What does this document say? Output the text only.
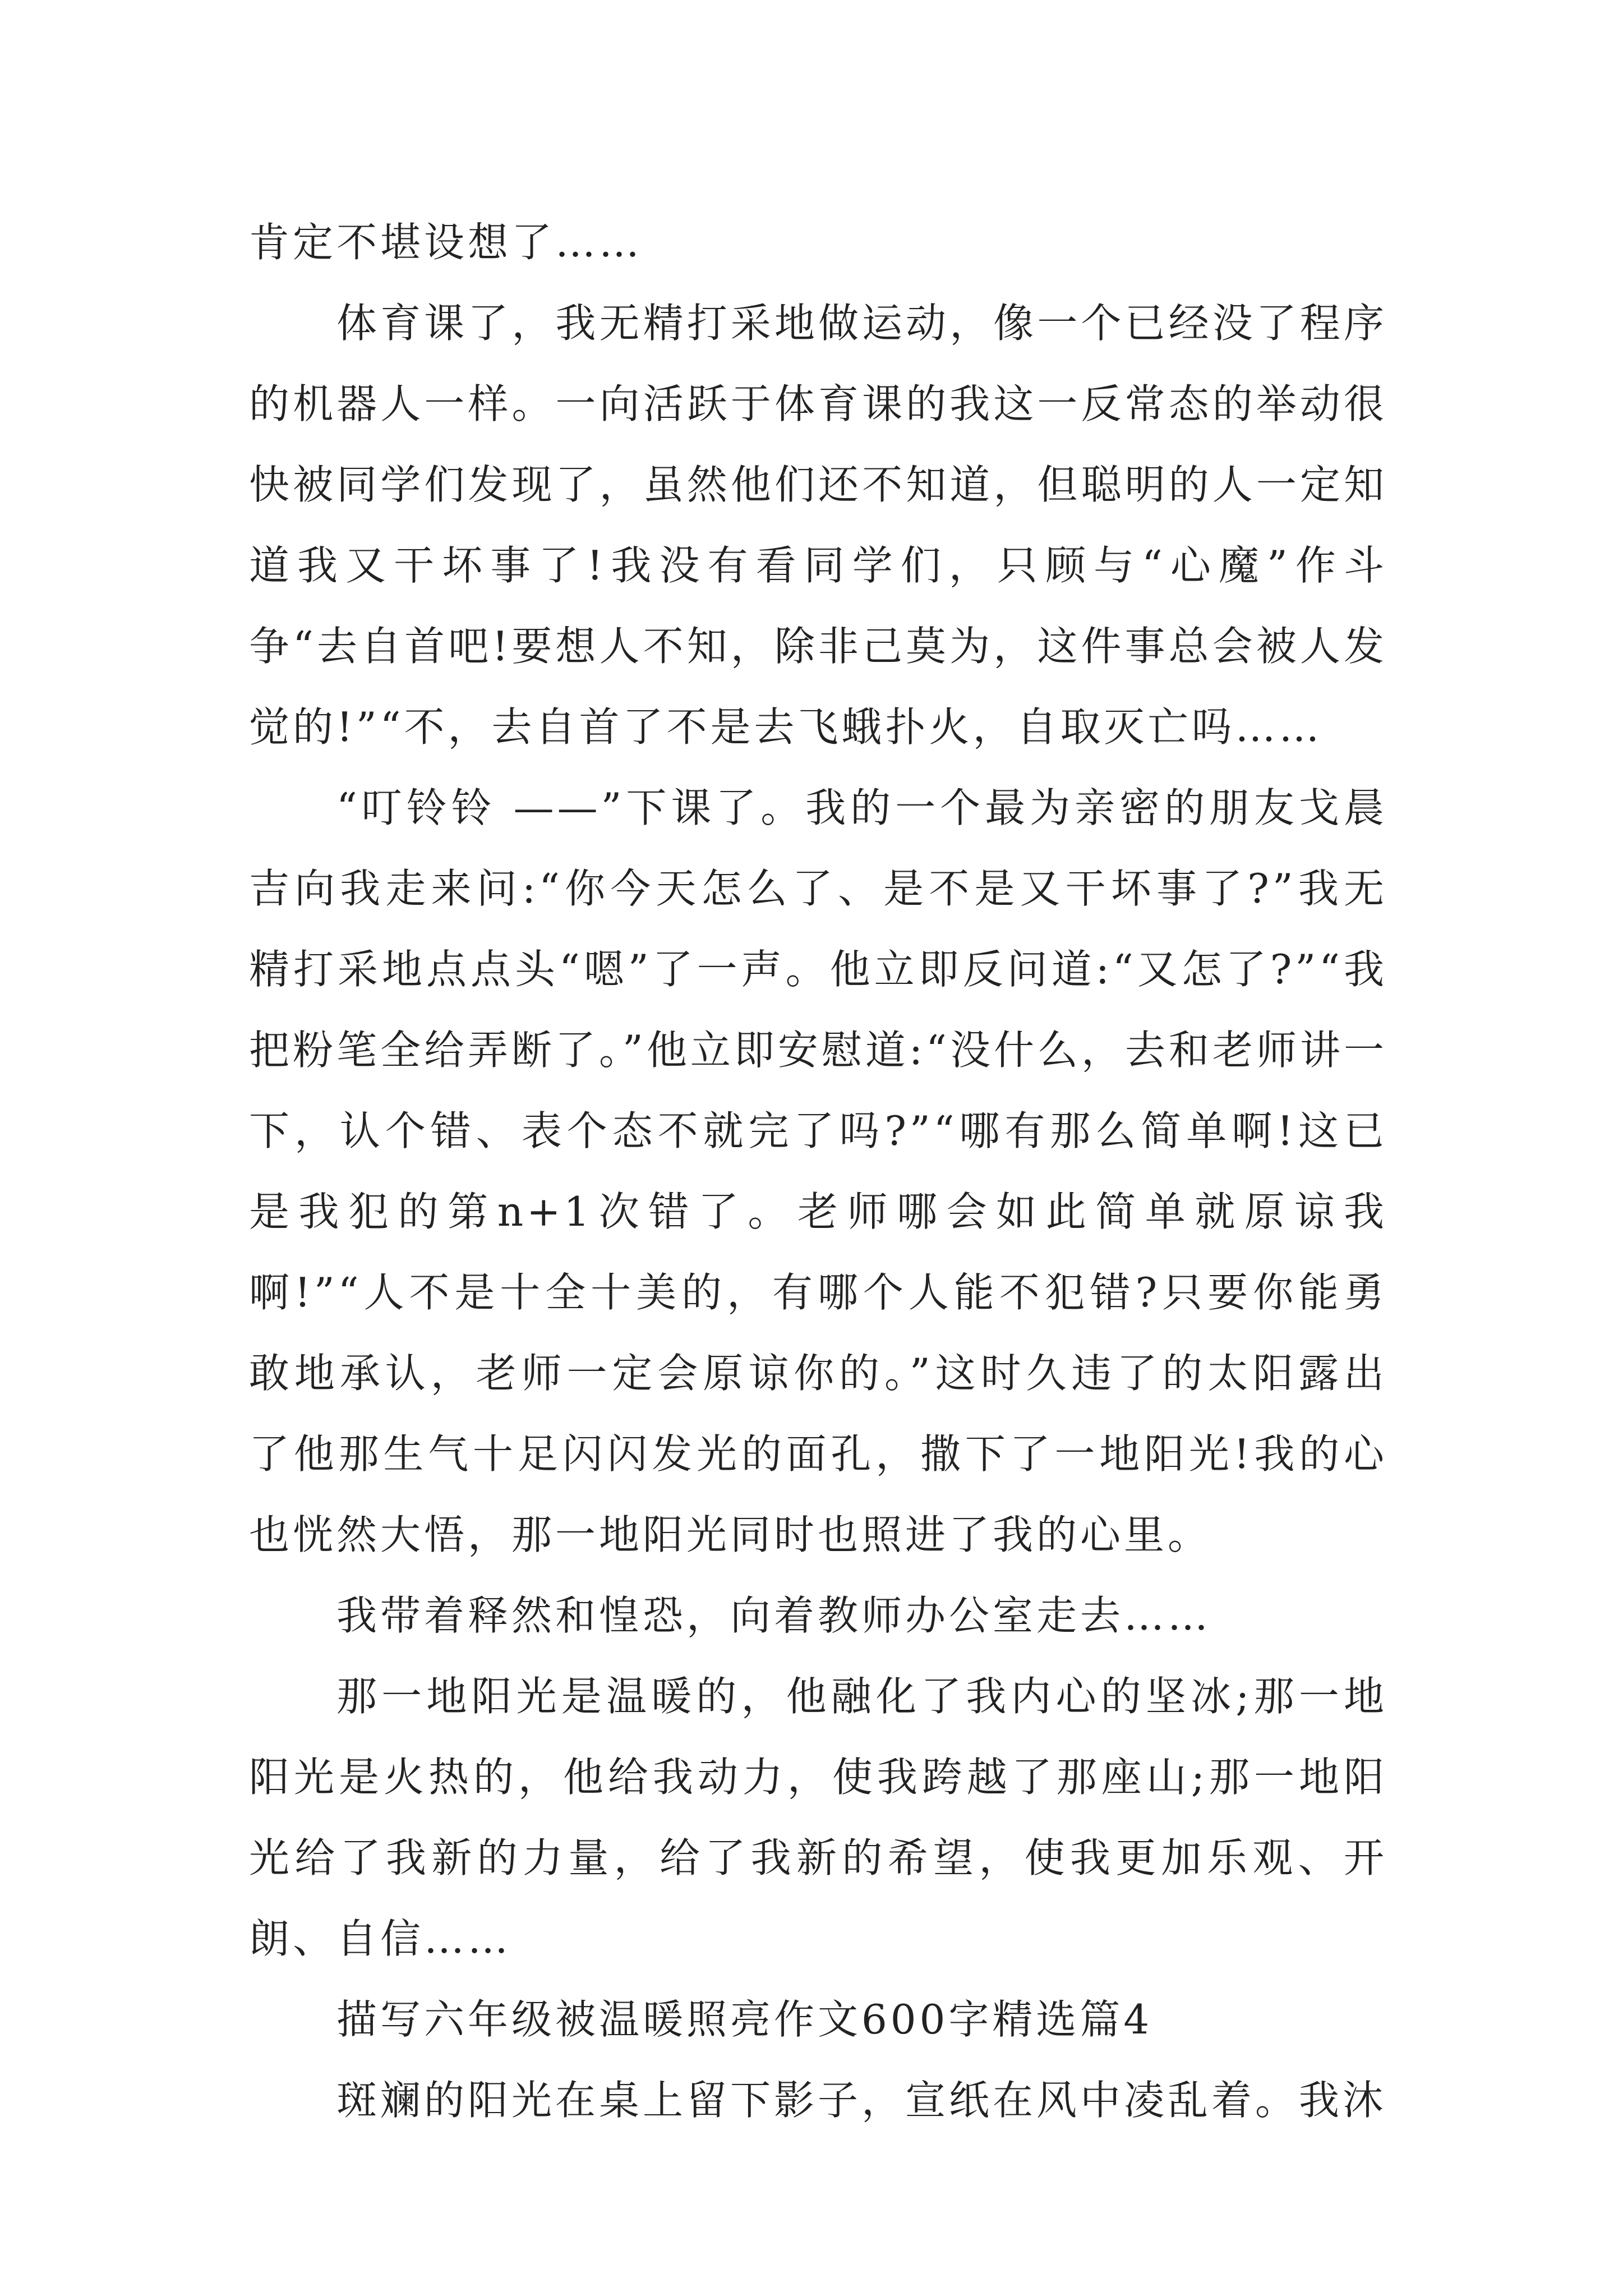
肯定不堪设想了……

体育课了，我无精打采地做运动，像一个已经没了程序的机器人一样。一向活跃于体育课的我这一反常态的举动很快被同学们发现了，虽然他们还不知道，但聪明的人一定知道我又干坏事了!我没有看同学们，只顾与“心魔”作斗争“去自首吧!要想人不知，除非己莫为，这件事总会被人发觉的!”“不，去自首了不是去飞蛾扑火，自取灭亡吗……

“叮铃铃 ——”下课了。我的一个最为亲密的朋友戈晨吉向我走来问:“你今天怎么了、是不是又干坏事了?”我无精打采地点点头“嗯”了一声。他立即反问道:“又怎了?”“我把粉笔全给弄断了。”他立即安慰道:“没什么，去和老师讲一下，认个错、表个态不就完了吗?”“哪有那么简单啊!这已是我犯的第n+1次错了。老师哪会如此简单就原谅我啊!”“人不是十全十美的，有哪个人能不犯错?只要你能勇敢地承认，老师一定会原谅你的。”这时久违了的太阳露出了他那生气十足闪闪发光的面孔，撒下了一地阳光!我的心也恍然大悟，那一地阳光同时也照进了我的心里。

我带着释然和惶恐，向着教师办公室走去……

那一地阳光是温暖的，他融化了我内心的坚冰;那一地阳光是火热的，他给我动力，使我跨越了那座山;那一地阳光给了我新的力量，给了我新的希望，使我更加乐观、开朗、自信……

描写六年级被温暖照亮作文600字精选篇4

斑斓的阳光在桌上留下影子，宣纸在风中凌乱着。我沐
